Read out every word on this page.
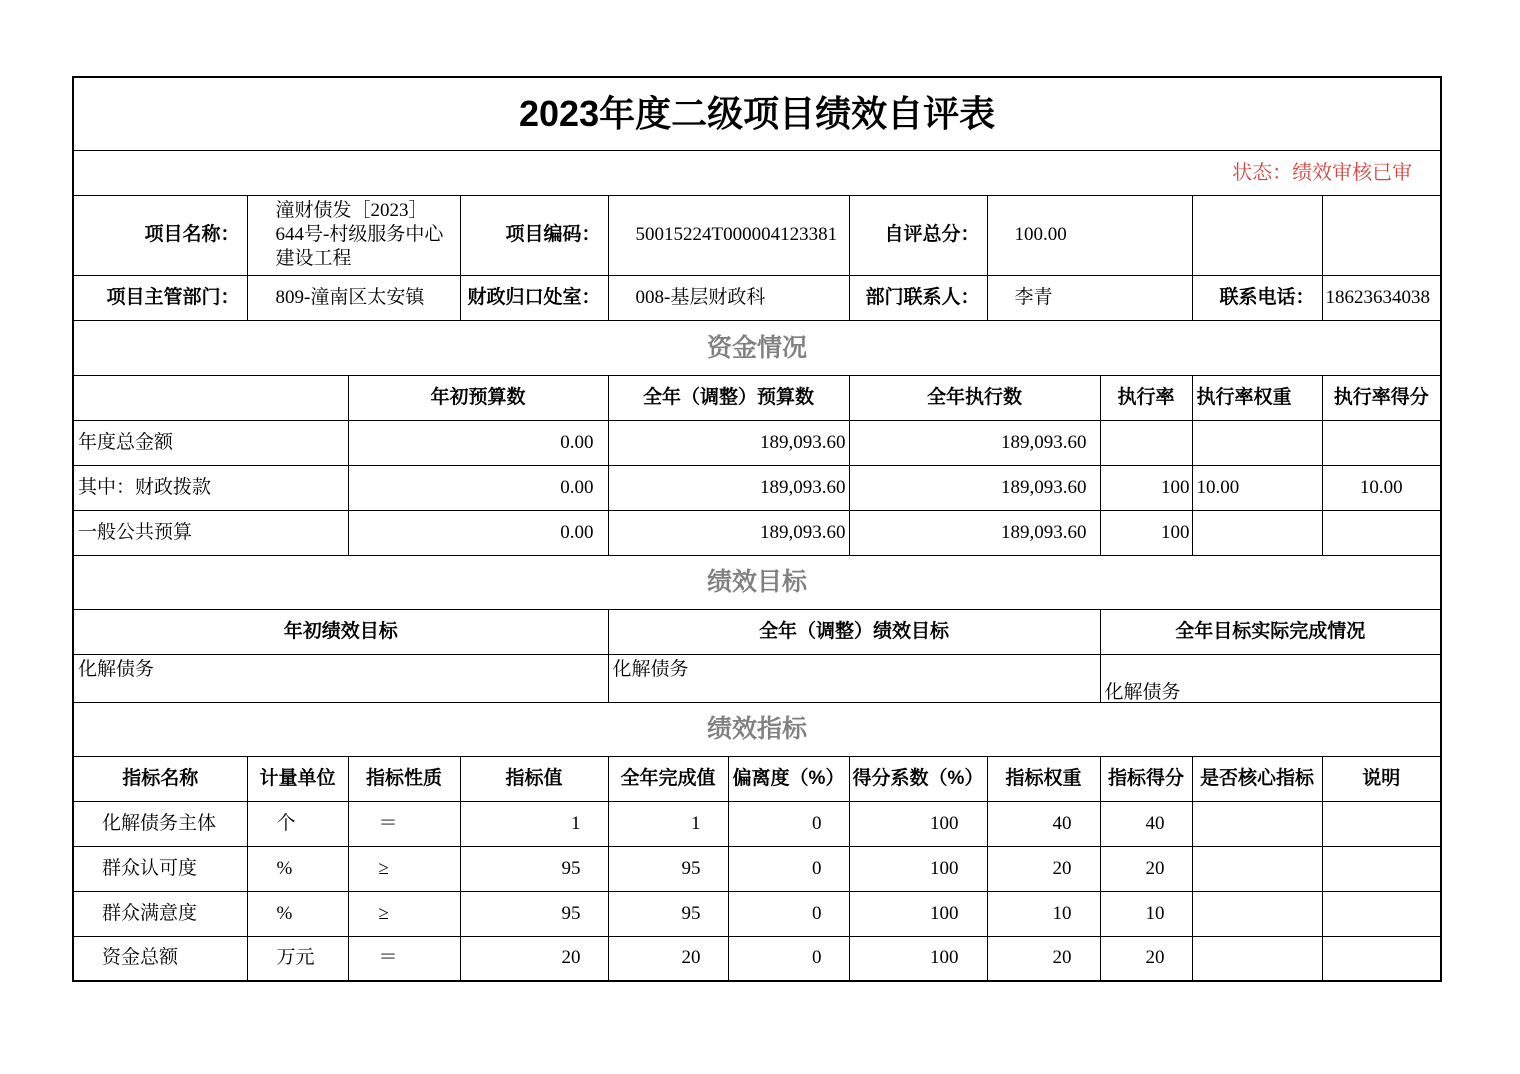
2023年度二级项目绩效自评表										
状态：绩效审核已审										
项目名称：	潼财债发［2023］644号-村级服务中心建设工程		项目编码：	50015224T000004123381		自评总分：	100.00			
项目主管部门：	809-潼南区太安镇		财政归口处室：	008-基层财政科		部门联系人：	李青		联系电话：	18623634038
资金情况										
		年初预算数		全年（调整）预算数		全年执行数		执行率	执行率权重	执行率得分
年度总金额		0.00		189,093.60		189,093.60				
其中：财政拨款		0.00		189,093.60		189,093.60		100	10.00	10.00
一般公共预算		0.00		189,093.60		189,093.60		100		
绩效目标										
年初绩效目标				全年（调整）绩效目标				全年目标实际完成情况		
化解债务				化解债务				化解债务		
绩效指标										
指标名称	计量单位	指标性质	指标值	全年完成值	偏离度（%）	得分系数（%）	指标权重	指标得分	是否核心指标	说明
化解债务主体	个	＝	1	1	0	100	40	40		
群众认可度	%	≥	95	95	0	100	20	20		
群众满意度	%	≥	95	95	0	100	10	10		
资金总额	万元	＝	20	20	0	100	20	20		
